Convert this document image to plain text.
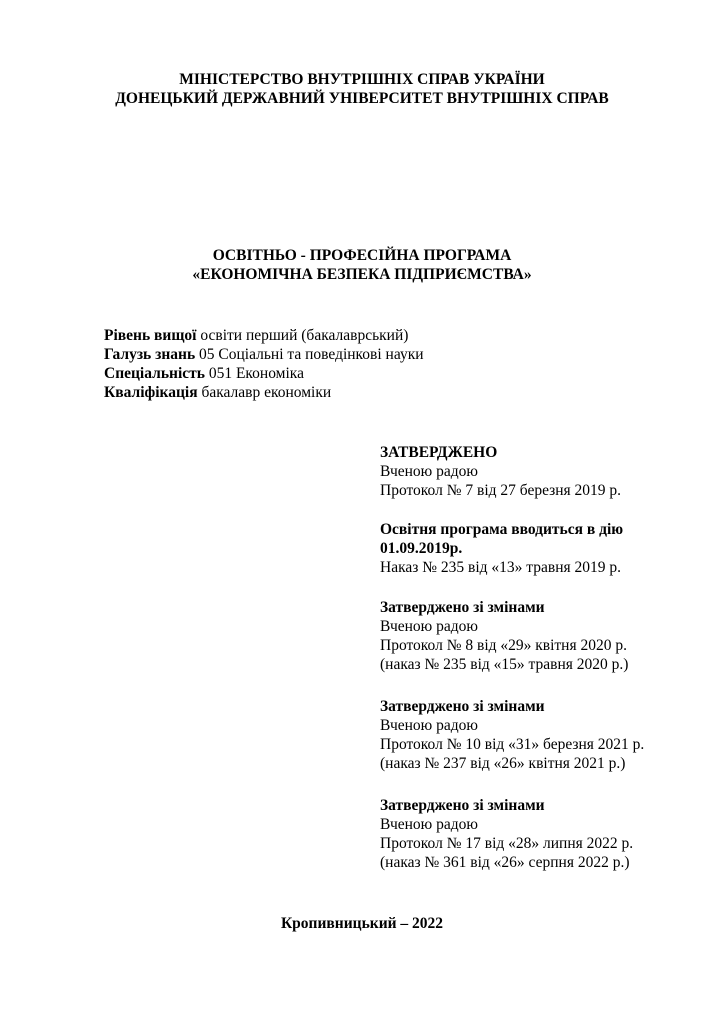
МІНІСТЕРСТВО ВНУТРІШНІХ СПРАВ УКРАЇНИ
ДОНЕЦЬКИЙ ДЕРЖАВНИЙ УНІВЕРСИТЕТ ВНУТРІШНІХ СПРАВ
ОСВІТНЬО - ПРОФЕСІЙНА ПРОГРАМА
«ЕКОНОМІЧНА БЕЗПЕКА ПІДПРИЄМСТВА»
Рівень вищої освіти перший (бакалаврський)
Галузь знань 05 Соціальні та поведінкові науки
Спеціальність 051 Економіка
Кваліфікація бакалавр економіки
ЗАТВЕРДЖЕНО
Вченою радою
Протокол № 7 від 27 березня 2019 р.
Освітня програма вводиться в дію
01.09.2019р.
Наказ № 235 від «13» травня 2019 р.
Затверджено зі змінами
Вченою радою
Протокол № 8 від «29» квітня 2020 р.
(наказ № 235 від «15» травня 2020 р.)
Затверджено зі змінами
Вченою радою
Протокол № 10 від «31» березня 2021 р.
(наказ № 237 від «26» квітня 2021 р.)
Затверджено зі змінами
Вченою радою
Протокол № 17 від «28» липня 2022 р.
(наказ № 361 від «26» серпня 2022 р.)
Кропивницький – 2022
